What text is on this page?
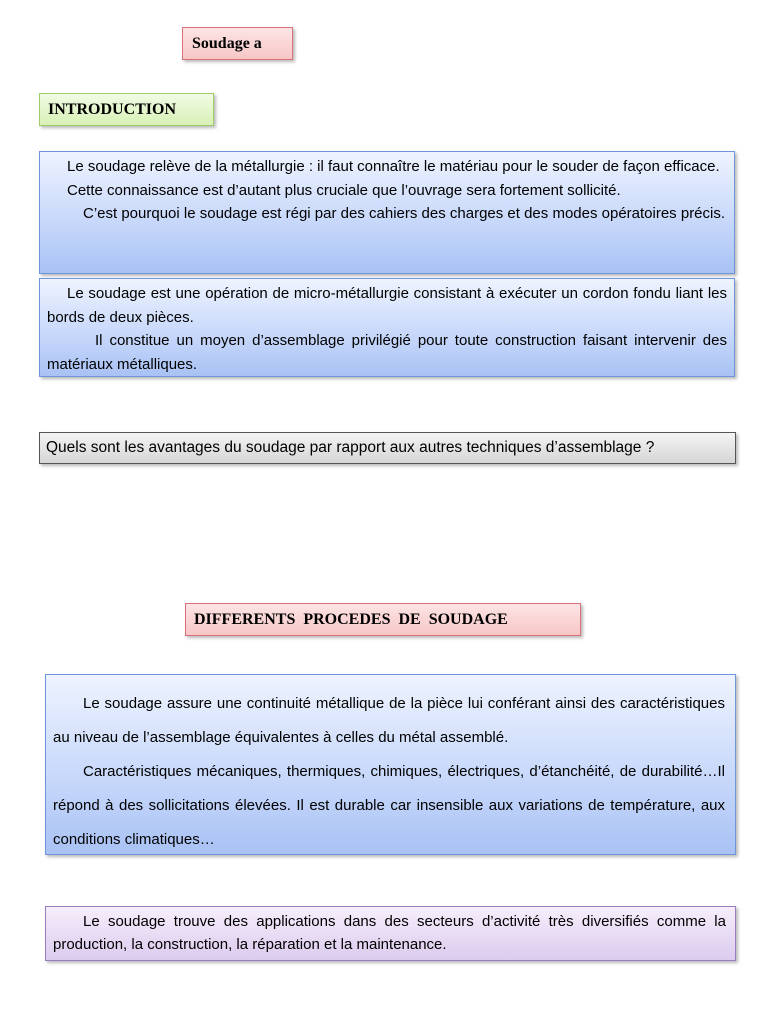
Soudage a
INTRODUCTION

Le soudage relève de la métallurgie : il faut connaître le matériau pour le souder de façon efficace.

Cette connaissance est d’autant plus cruciale que l’ouvrage sera fortement sollicité.

C’est pourquoi le soudage est régi par des cahiers des charges et des modes opératoires précis.

Le soudage est une opération de micro-métallurgie consistant à exécuter un cordon fondu liant les bords de deux pièces.

Il constitue un moyen d’assemblage privilégié pour toute construction faisant intervenir des matériaux métalliques.

Quels sont les avantages du soudage par rapport aux autres techniques d’assemblage ?
DIFFERENTS PROCEDES DE SOUDAGE

Le soudage assure une continuité métallique de la pièce lui conférant ainsi des caractéristiques au niveau de l’assemblage équivalentes à celles du métal assemblé.

Caractéristiques mécaniques, thermiques, chimiques, électriques, d’étanchéité, de durabilité…Il répond à des sollicitations élevées. Il est durable car insensible aux variations de température, aux conditions climatiques…

Le soudage trouve des applications dans des secteurs d’activité très diversifiés comme la production, la construction, la réparation et la maintenance.
